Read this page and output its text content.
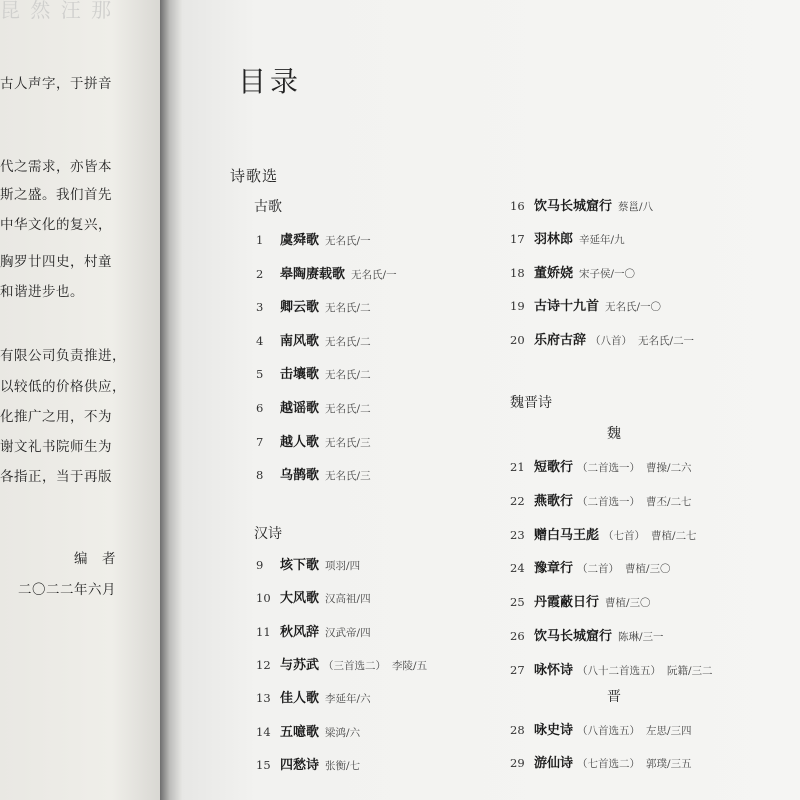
昆 然 汪 那
古人声字，于拼音
代之需求，亦皆本
斯之盛。我们首先
中华文化的复兴，
胸罗廿四史，村童
和谐进步也。
有限公司负责推进，
以较低的价格供应，
化推广之用，不为
谢文礼书院师生为
各指正，当于再版
编　者
二〇二二年六月
目录
诗歌选
古歌
1	虞舜歌 无名氏 / 一
2	皋陶赓载歌 无名氏 / 一
3	卿云歌 无名氏 / 二
4	南风歌 无名氏 / 二
5	击壤歌 无名氏 / 二
6	越谣歌 无名氏 / 二
7	越人歌 无名氏 / 三
8	乌鹊歌 无名氏 / 三
汉诗
9	垓下歌 项羽 / 四
10 大风歌 汉高祖 / 四
11 秋风辞 汉武帝 / 四
12 与苏武 （三首选二） 李陵 / 五
13 佳人歌 李延年 / 六
14 五噫歌 梁鸿 / 六
15 四愁诗 张衡 / 七
16 饮马长城窟行 蔡邕 / 八
17 羽林郎 辛延年 / 九
18 董娇娆 宋子侯 / 一〇
19 古诗十九首 无名氏 / 一〇
20 乐府古辞 （八首） 无名氏 / 二一
魏晋诗
魏
21 短歌行 （二首选一） 曹操 / 二六
22 燕歌行 （二首选一） 曹丕 / 二七
23 赠白马王彪 （七首） 曹植 / 二七
24 豫章行 （二首） 曹植 / 三〇
25 丹霞蔽日行 曹植 / 三〇
26 饮马长城窟行 陈琳 / 三一
27 咏怀诗 （八十二首选五） 阮籍 / 三二
晋
28 咏史诗 （八首选五） 左思 / 三四
29 游仙诗 （七首选二） 郭璞 / 三五
